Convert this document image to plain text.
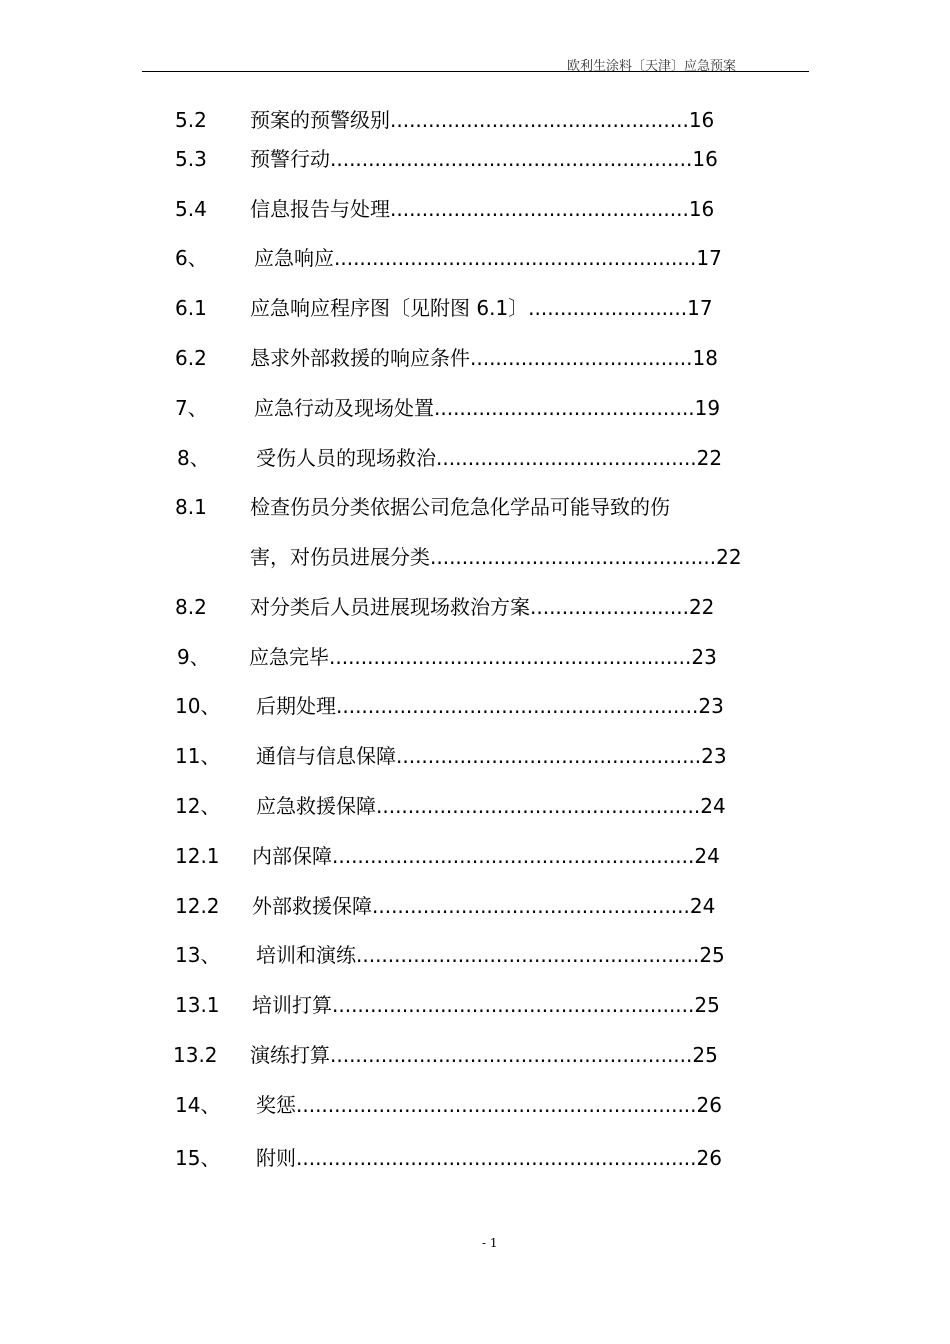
欧利生涂料〔天津〕应急预案
5.2 预案的预警级别...............................................16
5.3 预警行动.........................................................16
5.4 信息报告与处理...............................................16
6、 应急响应.........................................................17
6.1 应急响应程序图〔见附图 6.1〕.........................17
6.2 恳求外部救援的响应条件...................................18
7、 应急行动及现场处置.........................................19
8、 受伤人员的现场救治.........................................22
8.1 检查伤员分类依据公司危急化学品可能导致的伤
害，对伤员进展分类.............................................22
8.2 对分类后人员进展现场救治方案.........................22
9、 应急完毕.........................................................23
10、 后期处理.........................................................23
11、 通信与信息保障................................................23
12、 应急救援保障...................................................24
12.1 内部保障.........................................................24
12.2 外部救援保障..................................................24
13、 培训和演练......................................................25
13.1 培训打算.........................................................25
13.2 演练打算.........................................................25
14、 奖惩...............................................................26
15、 附则...............................................................26
- 1
